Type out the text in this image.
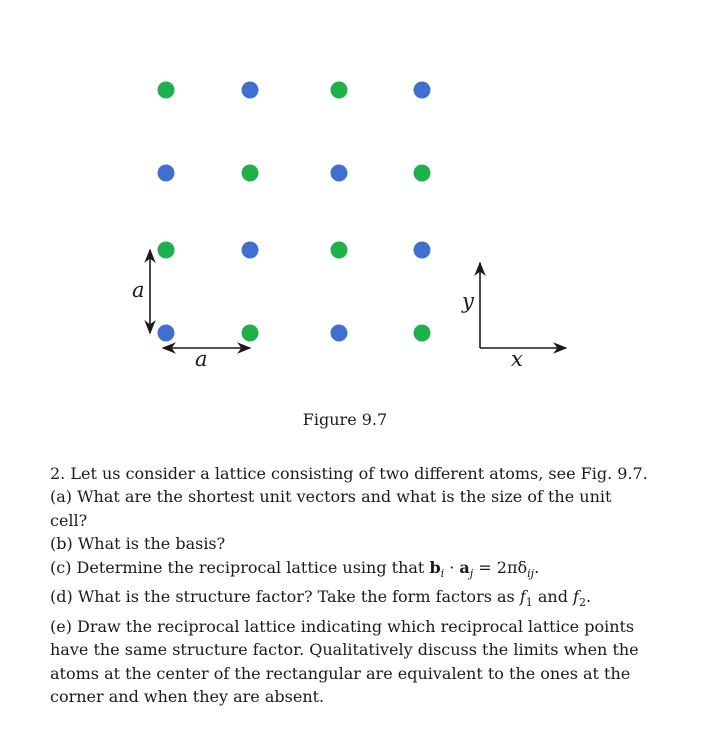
a
a
y
x
Figure 9.7

2. Let us consider a lattice consisting of two different atoms, see Fig. 9.7.

(a) What are the shortest unit vectors and what is the size of the unit cell?

(b) What is the basis?

(c) Determine the reciprocal lattice using that $b_i \cdot a_j = 2\pi\delta_{ij}$.

(d) What is the structure factor? Take the form factors as $f_1$ and $f_2$.

(e) Draw the reciprocal lattice indicating which reciprocal lattice points have the same structure factor. Qualitatively discuss the limits when the atoms at the center of the rectangular are equivalent to the ones at the corner and when they are absent.
